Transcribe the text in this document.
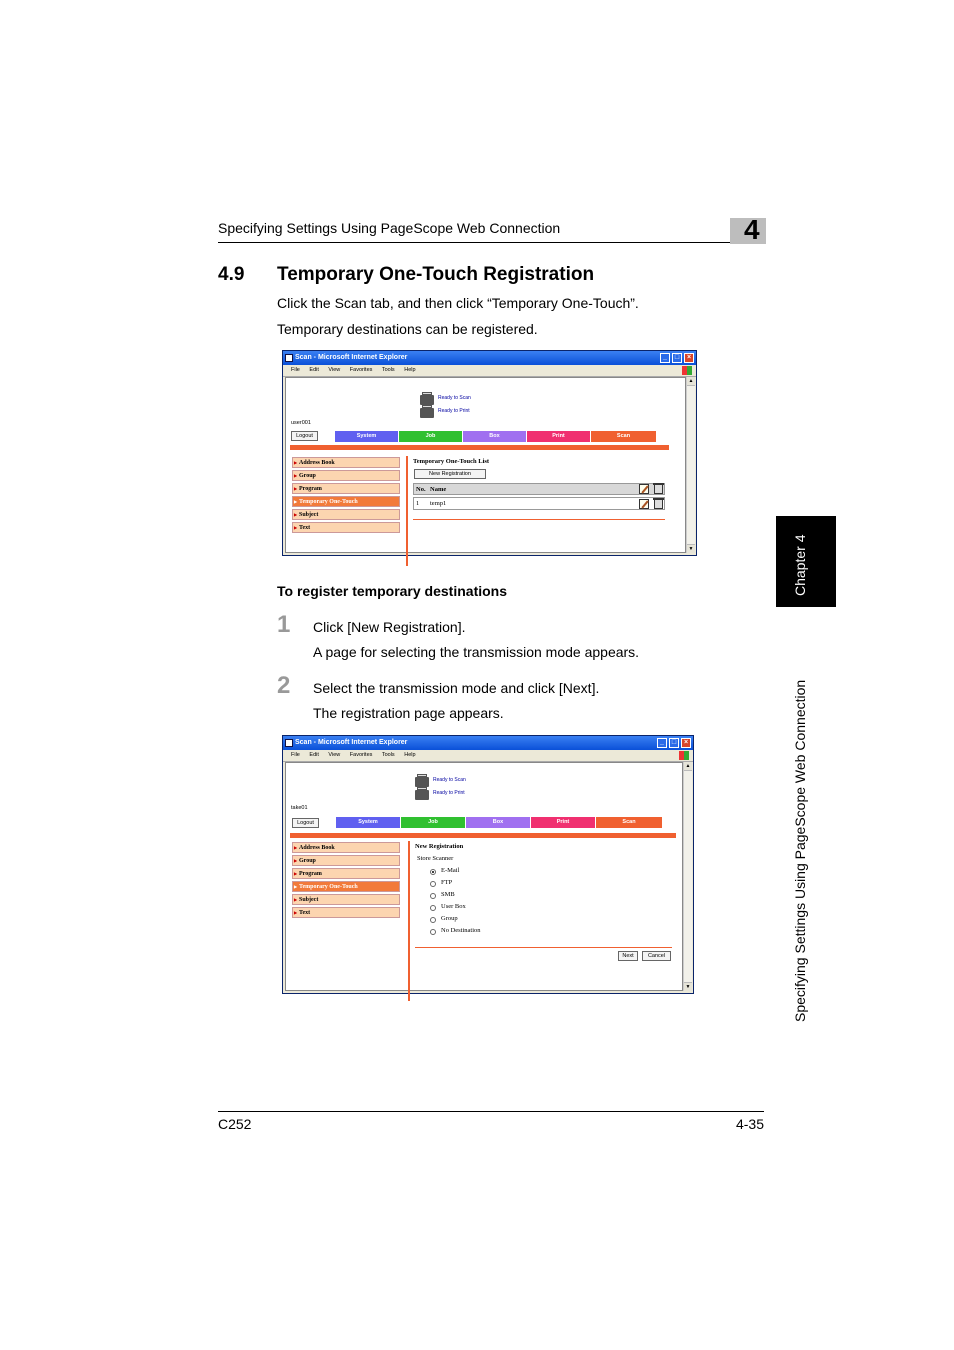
Specifying Settings Using PageScope Web Connection	4
4.9 Temporary One-Touch Registration
Click the Scan tab, and then click “Temporary One-Touch”.
Temporary destinations can be registered.
Scan - Microsoft Internet Explorer	_	□	×
File Edit View Favorites Tools Help
Ready to Scan
Ready to Print
user001
Logout	System	Job	Box	Print	Scan
▶ Address Book
▶ Group
▶ Program
▶ Temporary One-Touch
▶ Subject
▶ Text
Temporary One-Touch List
New Registration
No. Name
1 temp1
▲
▼
To register temporary destinations
1 Click [New Registration].
A page for selecting the transmission mode appears.
2 Select the transmission mode and click [Next].
The registration page appears.
Scan - Microsoft Internet Explorer	_	□	×
File Edit View Favorites Tools Help
Ready to Scan
Ready to Print
take01
Logout	System	Job	Box	Print	Scan
▶ Address Book
▶ Group
▶ Program
▶ Temporary One-Touch
▶ Subject
▶ Text
New Registration
Store Scanner
E-Mail
FTP
SMB
User Box
Group
No Destination
Next	Cancel
▲
▼
Chapter 4
Specifying Settings Using PageScope Web Connection
C252	4-35
